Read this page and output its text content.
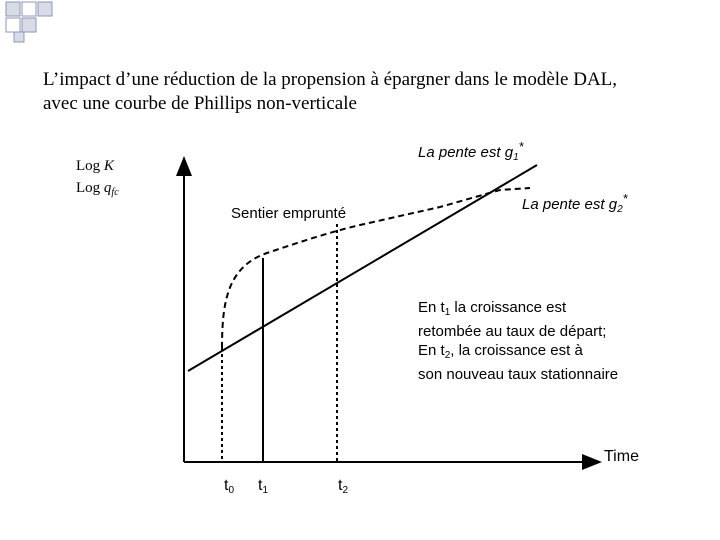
L’impact d’une réduction de la propension à épargner dans le modèle DAL,
avec une courbe de Phillips non-verticale
Log K
Log $q_{fc}$
La pente est $g_1^*$
La pente est $g_2^*$
Sentier emprunté
En $t_1$ la croissance est
retombée au taux de départ;
En $t_2$, la croissance est à
son nouveau taux stationnaire
Time
$t_0$ $t_1$	$t_2$
